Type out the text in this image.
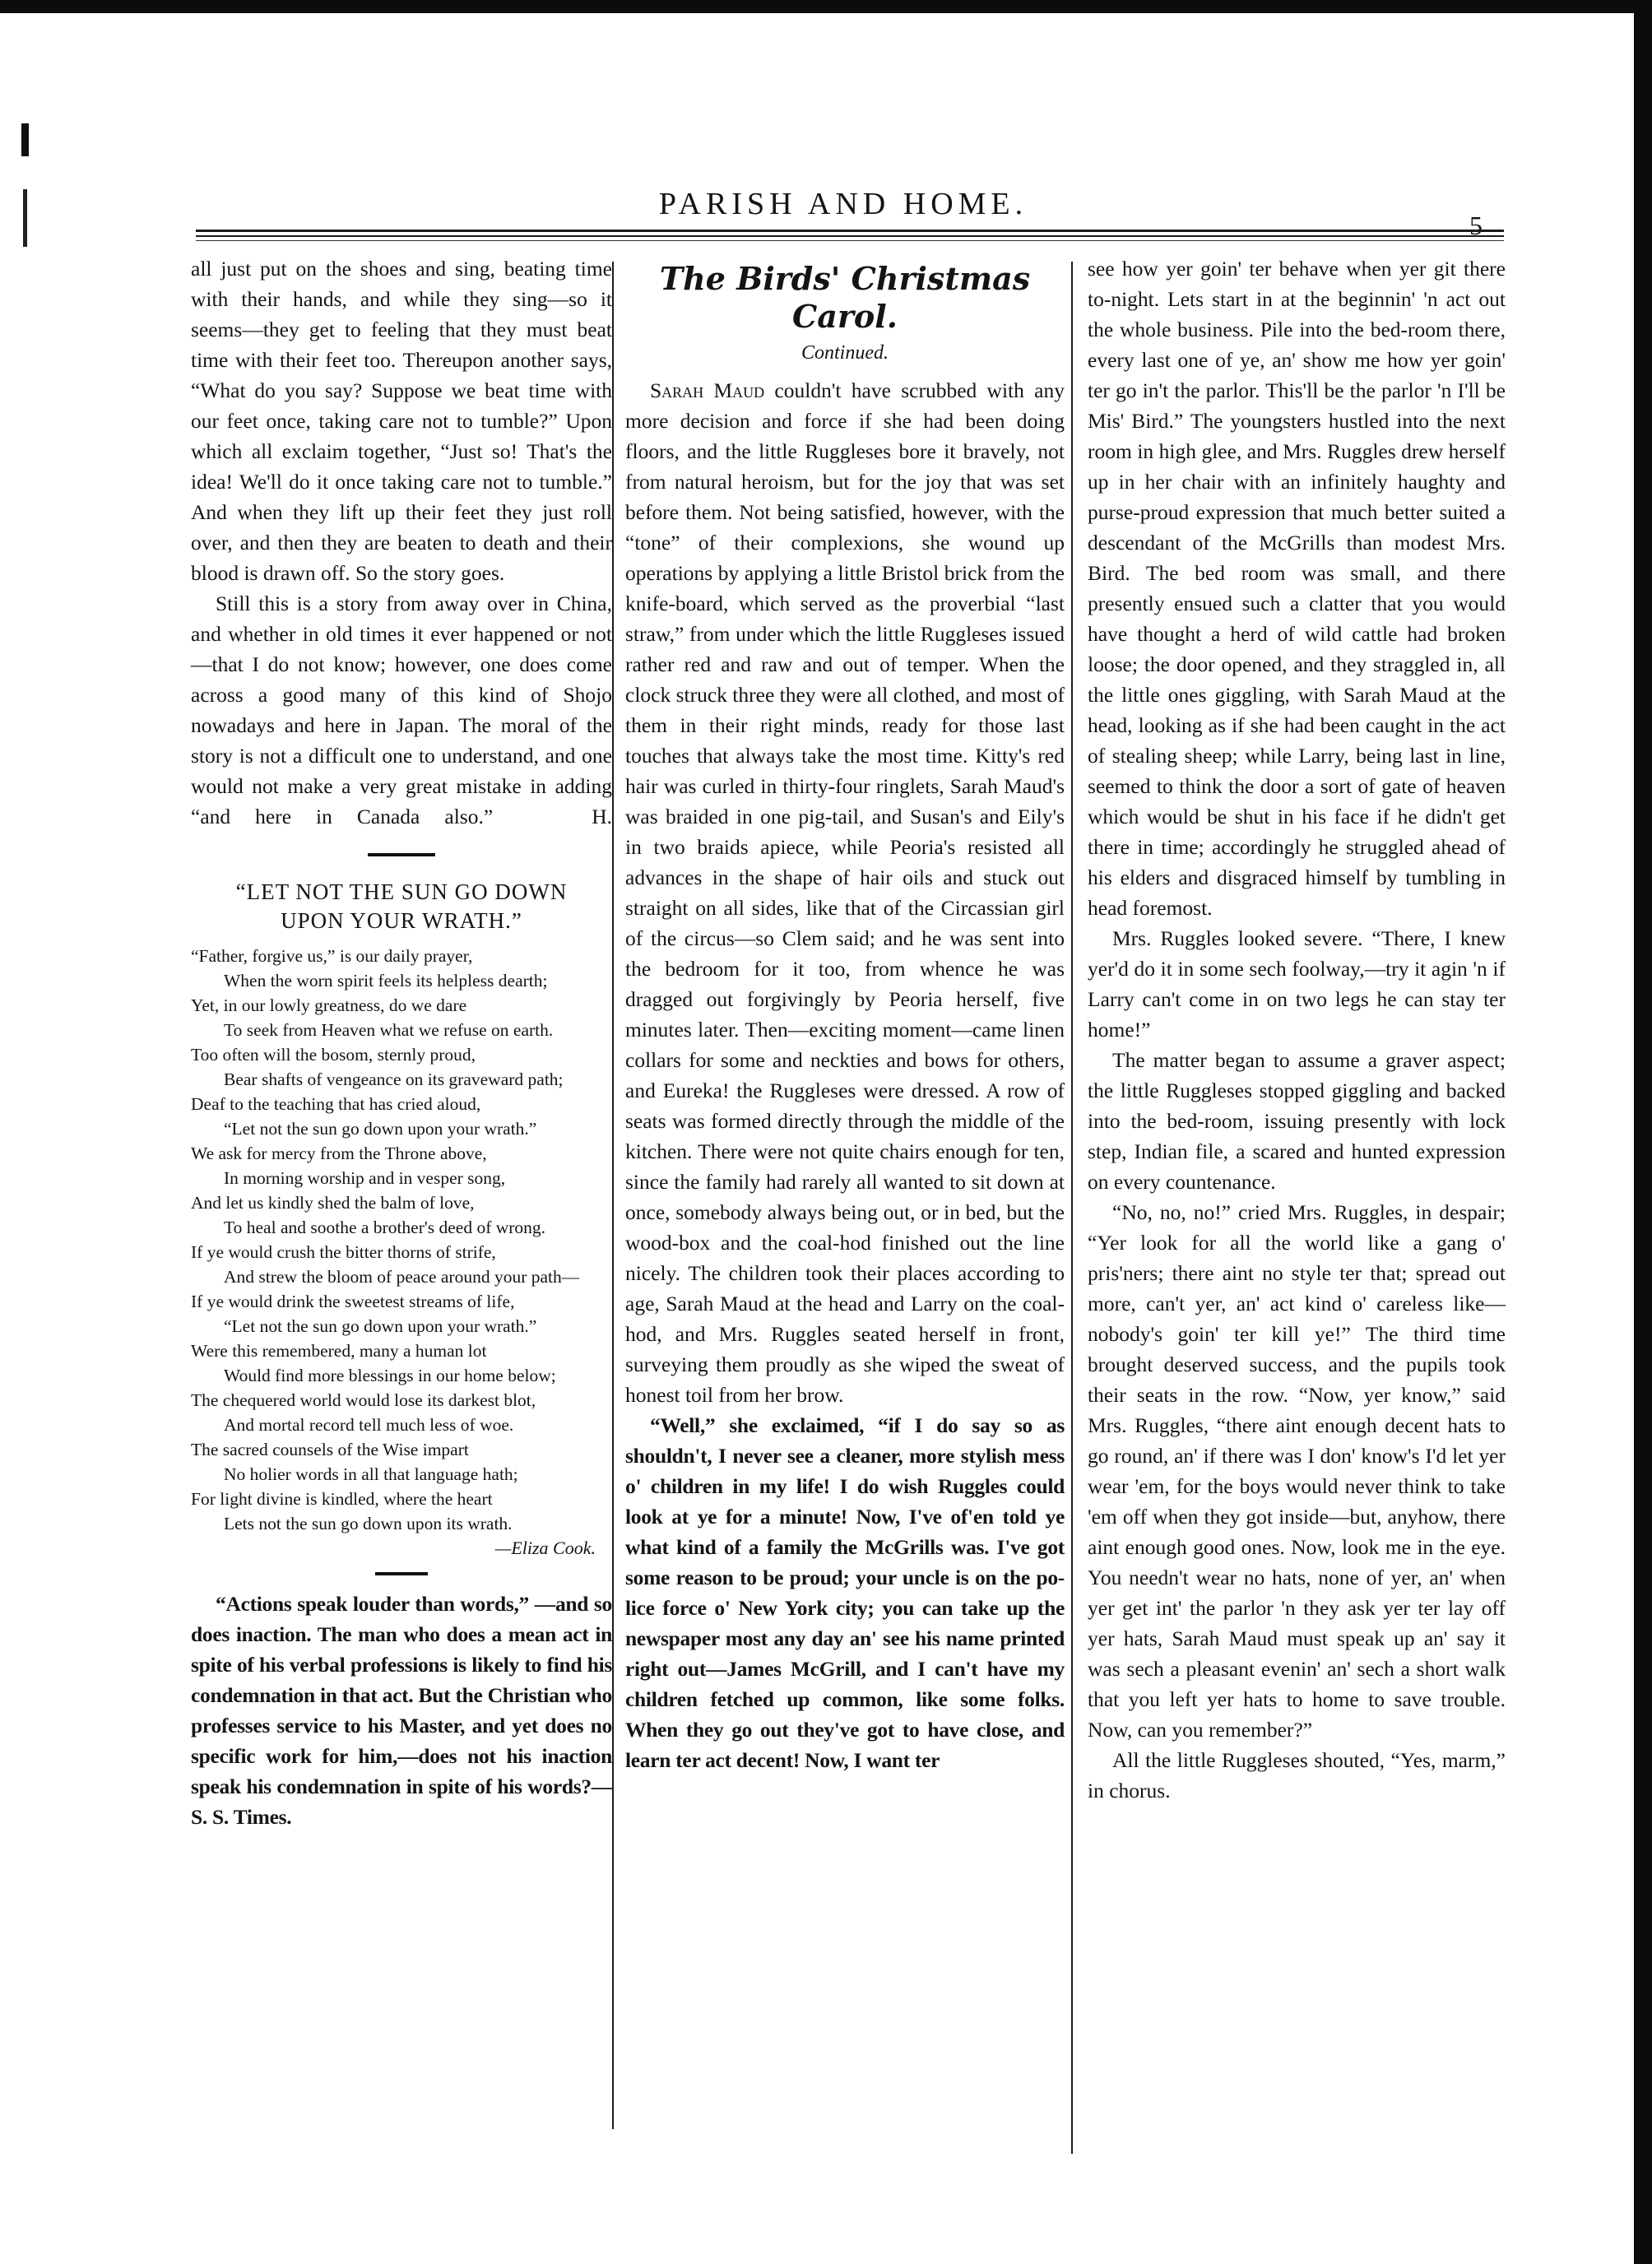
PARISH AND HOME.
5

all just put on the shoes and sing, beating time with their hands, and while they sing—so it seems—they get to feeling that they must beat time with their feet too. Thereupon another says, “What do you say? Suppose we beat time with our feet once, taking care not to tumble?” Upon which all exclaim together, “Just so! That's the idea! We'll do it once taking care not to tumble.” And when they lift up their feet they just roll over, and then they are beaten to death and their blood is drawn off. So the story goes.

Still this is a story from away over in China, and whether in old times it ever happened or not—that I do not know; however, one does come across a good many of this kind of Shojo nowadays and here in Japan. The moral of the story is not a difficult one to understand, and one would not make a very great mistake in adding “and here in Canada also.”	H.

“LET NOT THE SUN GO DOWN

UPON YOUR WRATH.”

“Father, forgive us,” is our daily prayer,

When the worn spirit feels its helpless dearth;

Yet, in our lowly greatness, do we dare

To seek from Heaven what we refuse on earth.

Too often will the bosom, sternly proud,

Bear shafts of vengeance on its graveward path;

Deaf to the teaching that has cried aloud,

“Let not the sun go down upon your wrath.”

We ask for mercy from the Throne above,

In morning worship and in vesper song,

And let us kindly shed the balm of love,

To heal and soothe a brother's deed of wrong.

If ye would crush the bitter thorns of strife,

And strew the bloom of peace around your path—

If ye would drink the sweetest streams of life,

“Let not the sun go down upon your wrath.”

Were this remembered, many a human lot

Would find more blessings in our home below;

The chequered world would lose its darkest blot,

And mortal record tell much less of woe.

The sacred counsels of the Wise impart

No holier words in all that language hath;

For light divine is kindled, where the heart

Lets not the sun go down upon its wrath.

—Eliza Cook.

“Actions speak louder than words,” —and so does inaction. The man who does a mean act in spite of his verbal professions is likely to find his condemnation in that act. But the Christian who professes service to his Master, and yet does no specific work for him,—does not his inaction speak his condemnation in spite of his words?—S. S. Times.

The Birds' Christmas Carol.

Continued.

Sarah Maud couldn't have scrubbed with any more decision and force if she had been doing floors, and the little Ruggleses bore it bravely, not from natural heroism, but for the joy that was set before them. Not being satisfied, however, with the “tone” of their complexions, she wound up operations by applying a little Bristol brick from the knife-board, which served as the proverbial “last straw,” from under which the little Ruggleses issued rather red and raw and out of temper. When the clock struck three they were all clothed, and most of them in their right minds, ready for those last touches that always take the most time. Kitty's red hair was curled in thirty-four ringlets, Sarah Maud's was braided in one pig-tail, and Susan's and Eily's in two braids apiece, while Peoria's resisted all advances in the shape of hair oils and stuck out straight on all sides, like that of the Circassian girl of the circus—so Clem said; and he was sent into the bedroom for it too, from whence he was dragged out forgivingly by Peoria herself, five minutes later. Then—exciting moment—came linen collars for some and neckties and bows for others, and Eureka! the Ruggleses were dressed. A row of seats was formed directly through the middle of the kitchen. There were not quite chairs enough for ten, since the family had rarely all wanted to sit down at once, somebody always being out, or in bed, but the wood-box and the coal-hod finished out the line nicely. The children took their places according to age, Sarah Maud at the head and Larry on the coal-hod, and Mrs. Ruggles seated herself in front, surveying them proudly as she wiped the sweat of honest toil from her brow.

“Well,” she exclaimed, “if I do say so as shouldn't, I never see a cleaner, more stylish mess o' children in my life! I do wish Ruggles could look at ye for a minute! Now, I've of'en told ye what kind of a family the McGrills was. I've got some reason to be proud; your uncle is on the po-lice force o' New York city; you can take up the newspaper most any day an' see his name printed right out—James McGrill, and I can't have my children fetched up common, like some folks. When they go out they've got to have close, and learn ter act decent! Now, I want ter

see how yer goin' ter behave when yer git there to-night. Lets start in at the beginnin' 'n act out the whole business. Pile into the bed-room there, every last one of ye, an' show me how yer goin' ter go in't the parlor. This'll be the parlor 'n I'll be Mis' Bird.” The youngsters hustled into the next room in high glee, and Mrs. Ruggles drew herself up in her chair with an infinitely haughty and purse-proud expression that much better suited a descendant of the McGrills than modest Mrs. Bird. The bed room was small, and there presently ensued such a clatter that you would have thought a herd of wild cattle had broken loose; the door opened, and they straggled in, all the little ones giggling, with Sarah Maud at the head, looking as if she had been caught in the act of stealing sheep; while Larry, being last in line, seemed to think the door a sort of gate of heaven which would be shut in his face if he didn't get there in time; accordingly he struggled ahead of his elders and disgraced himself by tumbling in head foremost.

Mrs. Ruggles looked severe. “There, I knew yer'd do it in some sech foolway,—try it agin 'n if Larry can't come in on two legs he can stay ter home!”

The matter began to assume a graver aspect; the little Ruggleses stopped giggling and backed into the bed-room, issuing presently with lock step, Indian file, a scared and hunted expression on every countenance.

“No, no, no!” cried Mrs. Ruggles, in despair; “Yer look for all the world like a gang o' pris'ners; there aint no style ter that; spread out more, can't yer, an' act kind o' careless like—nobody's goin' ter kill ye!” The third time brought deserved success, and the pupils took their seats in the row. “Now, yer know,” said Mrs. Ruggles, “there aint enough decent hats to go round, an' if there was I don' know's I'd let yer wear 'em, for the boys would never think to take 'em off when they got inside—but, anyhow, there aint enough good ones. Now, look me in the eye. You needn't wear no hats, none of yer, an' when yer get int' the parlor 'n they ask yer ter lay off yer hats, Sarah Maud must speak up an' say it was sech a pleasant evenin' an' sech a short walk that you left yer hats to home to save trouble. Now, can you remember?”

All the little Ruggleses shouted, “Yes, marm,” in chorus.
